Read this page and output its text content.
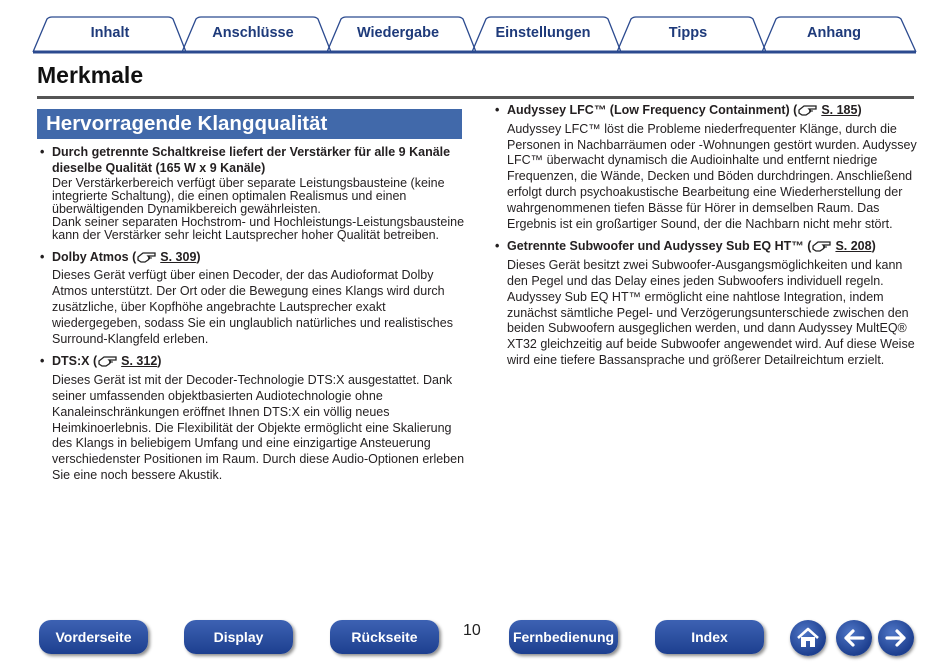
Inhalt	Anschlüsse	Wiedergabe	Einstellungen	Tipps	Anhang
Merkmale
Hervorragende Klangqualität
• Durch getrennte Schaltkreise liefert der Verstärker für alle 9 Kanäle dieselbe Qualität (165 W x 9 Kanäle)
Der Verstärkerbereich verfügt über separate Leistungsbausteine (keine integrierte Schaltung), die einen optimalen Realismus und einen überwältigenden Dynamikbereich gewährleisten.
Dank seiner separaten Hochstrom- und Hochleistungs-Leistungsbausteine kann der Verstärker sehr leicht Lautsprecher hoher Qualität betreiben.
• Dolby Atmos ( S. 309)
Dieses Gerät verfügt über einen Decoder, der das Audioformat Dolby Atmos unterstützt. Der Ort oder die Bewegung eines Klangs wird durch zusätzliche, über Kopfhöhe angebrachte Lautsprecher exakt wiedergegeben, sodass Sie ein unglaublich natürliches und realistisches Surround-Klangfeld erleben.
• DTS:X ( S. 312)
Dieses Gerät ist mit der Decoder-Technologie DTS:X ausgestattet. Dank seiner umfassenden objektbasierten Audiotechnologie ohne Kanaleinschränkungen eröffnet Ihnen DTS:X ein völlig neues Heimkinoerlebnis. Die Flexibilität der Objekte ermöglicht eine Skalierung des Klangs in beliebigem Umfang und eine einzigartige Ansteuerung verschiedenster Positionen im Raum. Durch diese Audio-Optionen erleben Sie eine noch bessere Akustik.
• Audyssey LFC™ (Low Frequency Containment) ( S. 185)
Audyssey LFC™ löst die Probleme niederfrequenter Klänge, durch die Personen in Nachbarräumen oder -Wohnungen gestört wurden. Audyssey LFC™ überwacht dynamisch die Audioinhalte und entfernt niedrige Frequenzen, die Wände, Decken und Böden durchdringen. Anschließend erfolgt durch psychoakustische Bearbeitung eine Wiederherstellung der wahrgenommenen tiefen Bässe für Hörer in demselben Raum. Das Ergebnis ist ein großartiger Sound, der die Nachbarn nicht mehr stört.
• Getrennte Subwoofer und Audyssey Sub EQ HT™ ( S. 208)
Dieses Gerät besitzt zwei Subwoofer-Ausgangsmöglichkeiten und kann den Pegel und das Delay eines jeden Subwoofers individuell regeln.
Audyssey Sub EQ HT™ ermöglicht eine nahtlose Integration, indem zunächst sämtliche Pegel- und Verzögerungsunterschiede zwischen den beiden Subwoofern ausgeglichen werden, und dann Audyssey MultEQ® XT32 gleichzeitig auf beide Subwoofer angewendet wird. Auf diese Weise wird eine tiefere Bassansprache und größerer Detailreichtum erzielt.
Vorderseite	Display	Rückseite	10 Fernbedienung	Index
